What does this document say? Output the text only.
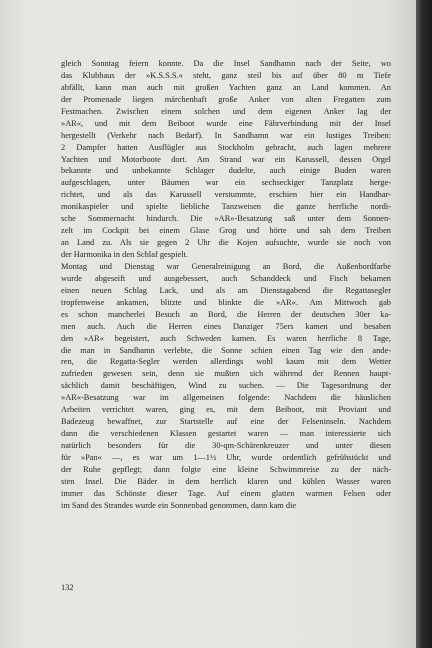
gleich Sonntag feiern konnte. Da die Insel Sandhamn nach der Seite, wo
das Klubhaus der »K.S.S.S.« steht, ganz steil bis auf über 80 m Tiefe
abfällt, kann man auch mit großen Yachten ganz an Land kommen. An
der Promenade liegen märchenhaft große Anker von alten Fregatten zum
Festmachen. Zwischen einem solchen und dem eigenen Anker lag der
»AR«, und mit dem Beiboot wurde eine Fährverbindung mit der Insel
hergestellt (Verkehr nach Bedarf). In Sandhamn war ein lustiges Treiben:
2 Dampfer hatten Ausflügler aus Stockholm gebracht, auch lagen mehrere
Yachten und Motorboote dort. Am Strand war ein Karussell, dessen Orgel
bekannte und unbekannte Schlager dudelte, auch einige Buden waren
aufgeschlagen, unter Bäumen war ein sechseckiger Tanzplatz herge-
richtet, und als das Karussell verstummte, erschien hier ein Handhar-
monikaspieler und spielte liebliche Tanzweisen die ganze herrliche nordi-
sche Sommernacht hindurch. Die »AR«-Besatzung saß unter dem Sonnen-
zelt im Cockpit bei einem Glase Grog und hörte und sah dem Treiben
an Land zu. Als sie gegen 2 Uhr die Kojen aufsuchte, wurde sie noch von
der Harmonika in den Schlaf gespielt.
Montag und Dienstag war Generalreinigung an Bord, die Außenbordfarbe
wurde abgeseift und ausgebessert, auch Schanddeck und Fisch bekamen
einen neuen Schlag Lack, und als am Dienstagabend die Regattasegler
tropfenweise ankamen, blitzte und blinkte die »AR«. Am Mittwoch gab
es schon mancherlei Besuch an Bord, die Herren der deutschen 30er ka-
men auch. Auch die Herren eines Danziger 75ers kamen und besahen
den »AR« begeistert, auch Schweden kamen. Es waren herrliche 8 Tage,
die man in Sandhamn verlebte, die Sonne schien einen Tag wie den ande-
ren, die Regatta-Segler werden allerdings wohl kaum mit dem Wetter
zufrieden gewesen sein, denn sie mußten sich während der Rennen haupt-
sächlich damit beschäftigen, Wind zu suchen. — Die Tagesordnung der
»AR«-Besatzung war im allgemeinen folgende: Nachdem die häuslichen
Arbeiten verrichtet waren, ging es, mit dem Beiboot, mit Proviant und
Badezeug bewaffnet, zur Startstelle auf eine der Felseninseln. Nachdem
dann die verschiedenen Klassen gestartet waren — man interessierte sich
natürlich besonders für die 30-qm-Schärenkreuzer und unter diesen
für »Pan« —, es war um 1—1½ Uhr, wurde ordentlich gefrühstückt und
der Ruhe gepflegt; dann folgte eine kleine Schwimmreise zu der näch-
sten Insel. Die Bäder in dem herrlich klaren und kühlen Wasser waren
immer das Schönste dieser Tage. Auf einem glatten warmen Felsen oder
im Sand des Strandes wurde ein Sonnenbad genommen, dann kam die
132
